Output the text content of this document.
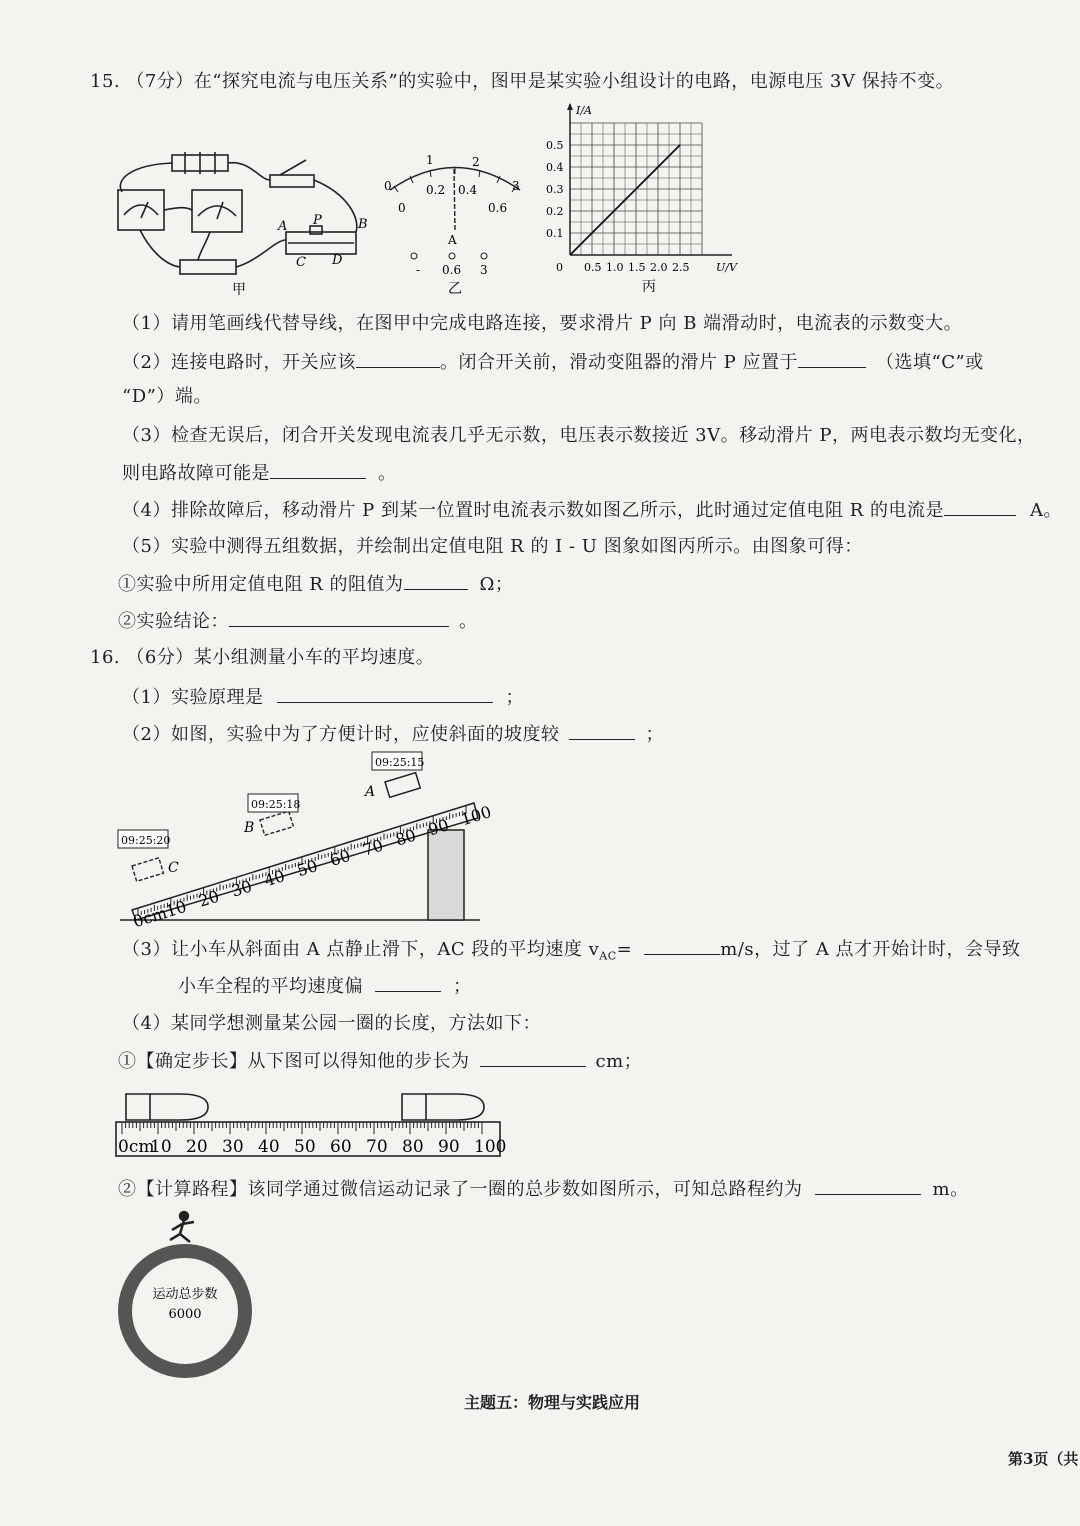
15. （7分）在“探究电流与电压关系”的实验中，图甲是某实验小组设计的电路，电源电压 3V 保持不变。
A P	B
C D
甲
0
1	2
3
0
0.2 0.4
0.6
A
- 0.6 3
乙
0.5 1.0 1.5 2.0 2.5
0.1
0.2
0.3
0.4
0.5
0	U/V
I/A
丙
（1）请用笔画线代替导线，在图甲中完成电路连接，要求滑片 P 向 B 端滑动时，电流表的示数变大。
（2）连接电路时，开关应该	。闭合开关前，滑动变阻器的滑片 P 应置于	（选填“C”或
“D”）端。
（3）检查无误后，闭合开关发现电流表几乎无示数，电压表示数接近 3V。移动滑片 P，两电表示数均无变化，
则电路故障可能是	。
（4）排除故障后，移动滑片 P 到某一位置时电流表示数如图乙所示，此时通过定值电阻 R 的电流是	A。
（5）实验中测得五组数据，并绘制出定值电阻 R 的 I - U 图象如图丙所示。由图象可得：
①实验中所用定值电阻 R 的阻值为	Ω；
②实验结论：	。
16. （6分）某小组测量小车的平均速度。
（1）实验原理是	；
（2）如图，实验中为了方便计时，应使斜面的坡度较	；
0cm
10 20 30 40 50 60 70 80 90 100
A
B
C
09:25:15
09:25:18
09:25:20
（3）让小车从斜面由 A 点静止滑下，AC 段的平均速度 $v_{AC}=$	m/s，过了 A 点才开始计时，会导致
小车全程的平均速度偏	；
（4）某同学想测量某公园一圈的长度，方法如下：
①【确定步长】从下图可以得知他的步长为	cm；
0cm
10 20 30 40 50 60 70 80 90 100
②【计算路程】该同学通过微信运动记录了一圈的总步数如图所示，可知总路程约为	m。
运动总步数
6000
主题五：物理与实践应用
第3页（共
